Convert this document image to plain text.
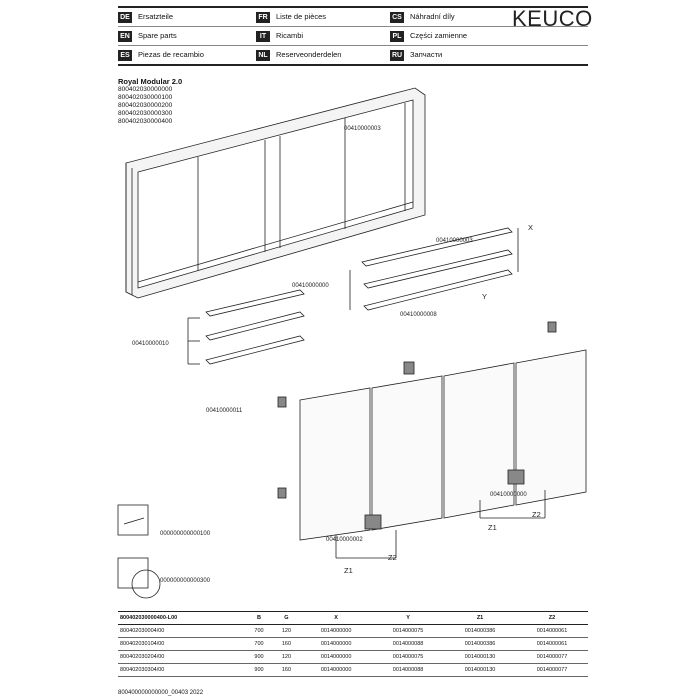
DE Ersatzteile	FR Liste de pièces	CS Náhradní díly
EN Spare parts	IT Ricambi	PL Części zamienne
ES Piezas de recambio	NL Reserveonderdelen	RU Запчасти
KEUCO
Royal Modular 2.0
800402030000000
800402030000100
800402030000200
800402030000300
800402030000400
00410000003
00410000003
00410000000
00410000008
00410000010
00410000011
00410000000
00410000002
000000000000100
000000000000300
X
Y
Z1
Z2
Z1
Z2
800402030000400-L00	B	G	X	Y	Z1	Z2
800402030004/00	700	120	0014000000	0014000075	0014000386	0014000061
800402030104/00	700	160	0014000000	0014000088	0014000386	0014000061
800402030204/00	900	120	0014000000	0014000075	0014000130	0014000077
800402030304/00	900	160	0014000000	0014000088	0014000130	0014000077
800400000000000_00403 2022
